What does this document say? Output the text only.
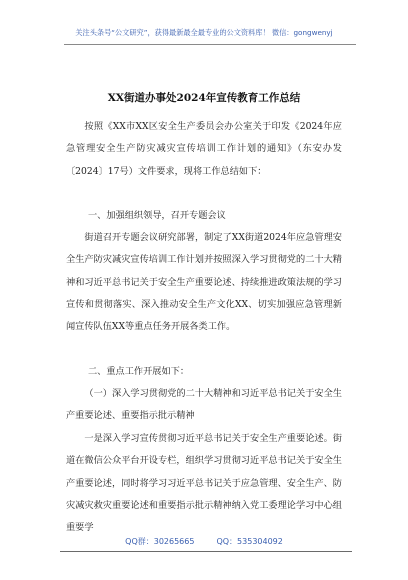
关注头条号“公文研究”，获得最新最全最专业的公文资料库！ 微信：gongwenyj
XX街道办事处2024年宣传教育工作总结
按照《XX市XX区安全生产委员会办公室关于印发《2024年应急管理安全生产防灾减灾宣传培训工作计划的通知》（东安办发〔2024〕17号）文件要求，现将工作总结如下：
一、加强组织领导，召开专题会议
街道召开专题会议研究部署，制定了XX街道2024年应急管理安全生产防灾减灾宣传培训工作计划并按照深入学习贯彻党的二十大精神和习近平总书记关于安全生产重要论述、持续推进政策法规的学习宣传和贯彻落实、深入推动安全生产文化XX、切实加强应急管理新闻宣传队伍XX等重点任务开展各类工作。
二、重点工作开展如下：
（一）深入学习贯彻党的二十大精神和习近平总书记关于安全生产重要论述、重要指示批示精神
一是深入学习宣传贯彻习近平总书记关于安全生产重要论述。街道在微信公众平台开设专栏，组织学习贯彻习近平总书记关于安全生产重要论述，同时将学习习近平总书记关于应急管理、安全生产、防灾减灾救灾重要论述和重要指示批示精神纳入党工委理论学习中心组重要学
QQ群：30265665	QQ：535304092
